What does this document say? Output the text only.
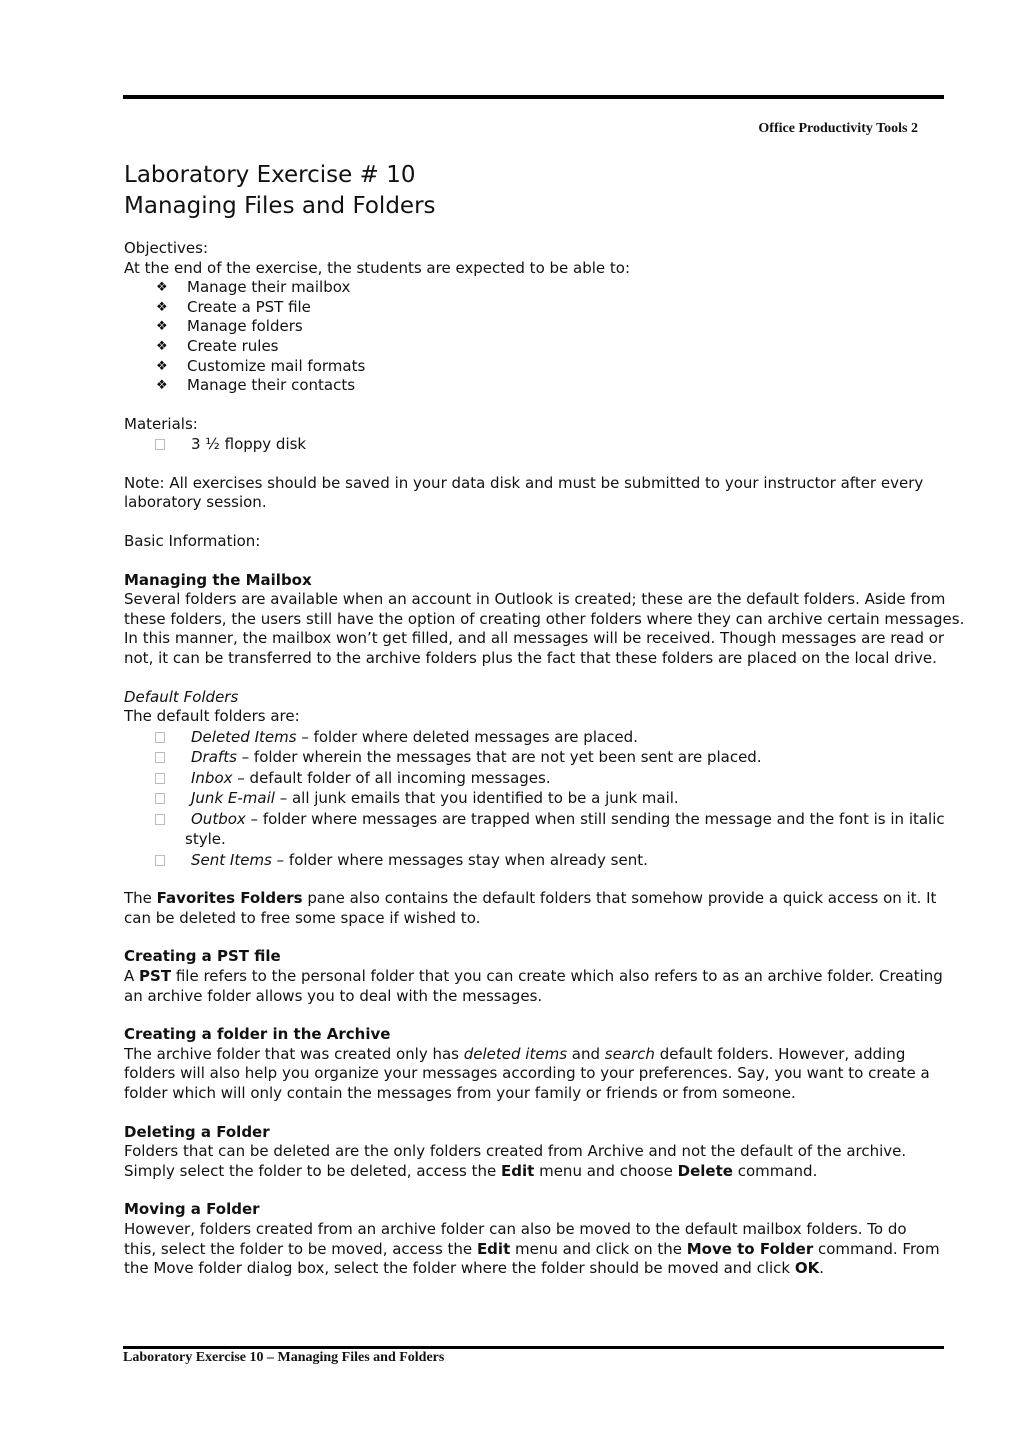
Office Productivity Tools 2
Laboratory Exercise # 10
Managing Files and Folders

Objectives:

At the end of the exercise, the students are expected to be able to:

❖ Manage their mailbox
❖ Create a PST file
❖ Manage folders
❖ Create rules
❖ Customize mail formats
❖ Manage their contacts

Materials:

3 ½ floppy disk

Note: All exercises should be saved in your data disk and must be submitted to your instructor after every laboratory session.

Basic Information:

Managing the Mailbox

Several folders are available when an account in Outlook is created; these are the default folders. Aside from
these folders, the users still have the option of creating other folders where they can archive certain messages.
In this manner, the mailbox won’t get filled, and all messages will be received. Though messages are read or
not, it can be transferred to the archive folders plus the fact that these folders are placed on the local drive.

Default Folders

The default folders are:

Deleted Items – folder where deleted messages are placed.
Drafts – folder wherein the messages that are not yet been sent are placed.
Inbox – default folder of all incoming messages.
Junk E-mail – all junk emails that you identified to be a junk mail.
Outbox – folder where messages are trapped when still sending the message and the font is in italic
style.
Sent Items – folder where messages stay when already sent.

The Favorites Folders pane also contains the default folders that somehow provide a quick access on it. It
can be deleted to free some space if wished to.

Creating a PST file

A PST file refers to the personal folder that you can create which also refers to as an archive folder. Creating
an archive folder allows you to deal with the messages.

Creating a folder in the Archive

The archive folder that was created only has deleted items and search default folders. However, adding
folders will also help you organize your messages according to your preferences. Say, you want to create a
folder which will only contain the messages from your family or friends or from someone.

Deleting a Folder

Folders that can be deleted are the only folders created from Archive and not the default of the archive.
Simply select the folder to be deleted, access the Edit menu and choose Delete command.

Moving a Folder

However, folders created from an archive folder can also be moved to the default mailbox folders. To do
this, select the folder to be moved, access the Edit menu and click on the Move to Folder command. From
the Move folder dialog box, select the folder where the folder should be moved and click OK.

Laboratory Exercise 10 – Managing Files and Folders
